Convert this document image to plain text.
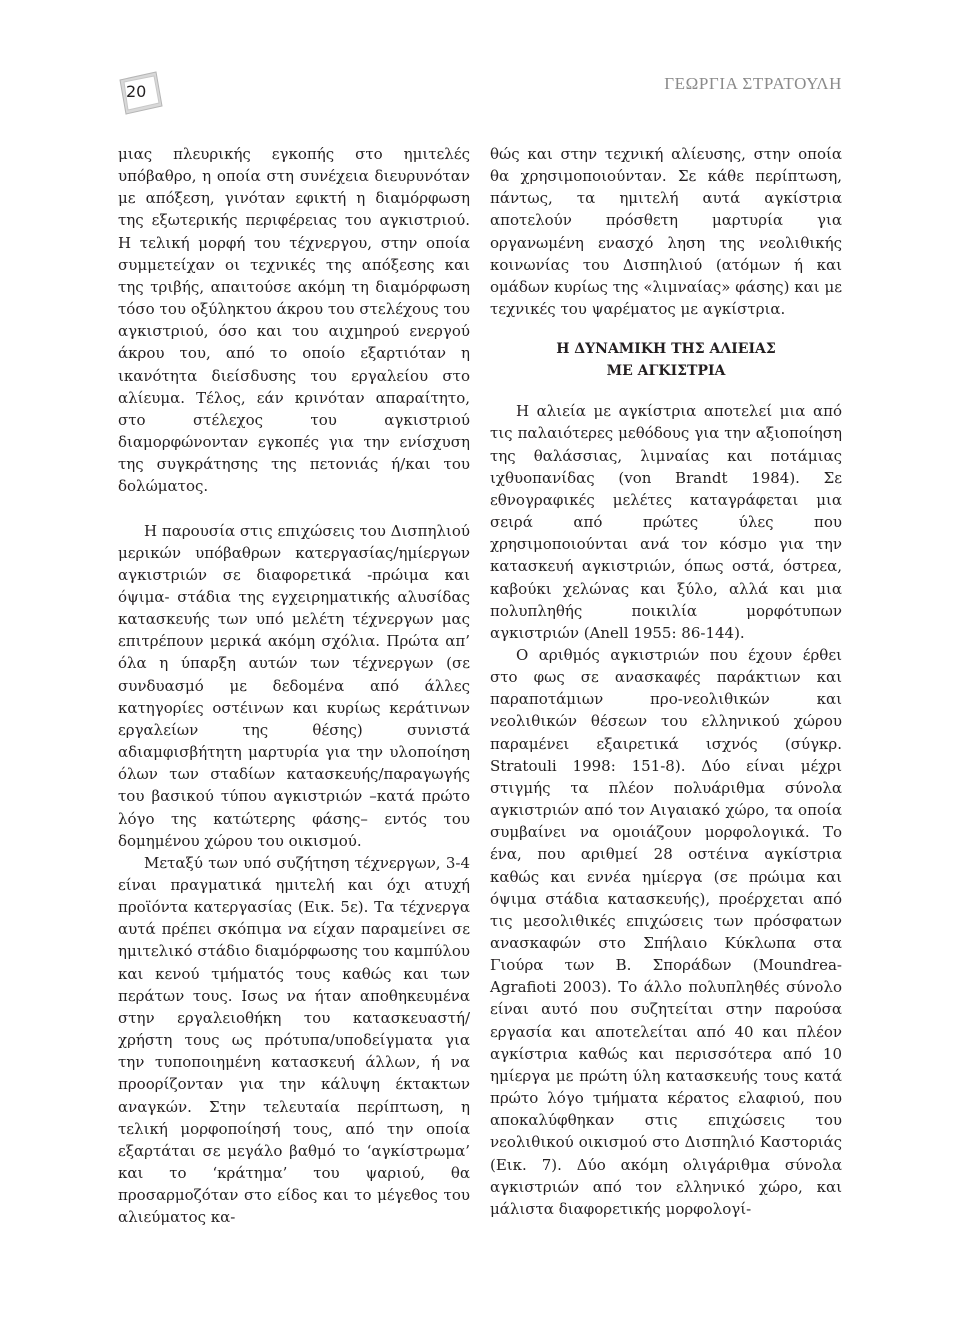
20	ΓΕΩΡΓΙΑ ΣΤΡΑΤΟΥΛΗ

μιας πλευρικής εγκοπής στο ημιτελές υπόβαθρο, η οποία στη συνέχεια διευρυνόταν με απόξεση, γινόταν εφικτή η διαμόρφωση της εξωτερικής περιφέρειας του αγκιστριού. Η τελική μορφή του τέχνεργου, στην οποία συμμετείχαν οι τεχνικές της απόξεσης και της τριβής, απαιτούσε ακόμη τη διαμόρφωση τόσο του οξύληκτου άκρου του στελέχους του αγκιστριού, όσο και του αιχμηρού ενεργού άκρου του, από το οποίο εξαρτιόταν η ικανότητα διείσδυσης του εργαλείου στο αλίευμα. Τέλος, εάν κρινόταν απαραίτητο, στο στέλεχος του αγκιστριού διαμορφώνονταν εγκοπές για την ενίσχυση της συγκράτησης της πετονιάς ή/και του δολώματος.

Η παρουσία στις επιχώσεις του Δισπηλιού μερικών υπόβαθρων κατεργασίας/ημίεργων αγκιστριών σε διαφορετικά -πρώιμα και όψιμα- στάδια της εγχειρηματικής αλυσίδας κατασκευής των υπό μελέτη τέχνεργων μας επιτρέπουν μερικά ακόμη σχόλια. Πρώτα απ’ όλα η ύπαρξη αυτών των τέχνεργων (σε συνδυασμό με δεδομένα από άλλες κατηγορίες οστέινων και κυρίως κεράτινων εργαλείων της θέσης) συνιστά αδιαμφισβήτητη μαρτυρία για την υλοποίηση όλων των σταδίων κατασκευής/παραγωγής του βασικού τύπου αγκιστριών –κατά πρώτο λόγο της κατώτερης φάσης– εντός του δομημένου χώρου του οικισμού.

Μεταξύ των υπό συζήτηση τέχνεργων, 3-4 είναι πραγματικά ημιτελή και όχι ατυχή προϊόντα κατεργασίας (Εικ. 5ε). Τα τέχνεργα αυτά πρέπει σκόπιμα να είχαν παραμείνει σε ημιτελικό στάδιο διαμόρφωσης του καμπύλου και κενού τμήματός τους καθώς και των περάτων τους. Ισως να ήταν αποθηκευμένα στην εργαλειοθήκη του κατασκευαστή/χρήστη τους ως πρότυπα/υποδείγματα για την τυποποιημένη κατασκευή άλλων, ή να προορίζονταν για την κάλυψη έκτακτων αναγκών. Στην τελευταία περίπτωση, η τελική μορφοποίησή τους, από την οποία εξαρτάται σε μεγάλο βαθμό το ‘αγκίστρωμα’ και το ‘κράτημα’ του ψαριού, θα προσαρμοζόταν στο είδος και το μέγεθος του αλιεύματος κα-

θώς και στην τεχνική αλίευσης, στην οποία θα χρησιμοποιούνταν. Σε κάθε περίπτωση, πάντως, τα ημιτελή αυτά αγκίστρια αποτελούν πρόσθετη μαρτυρία για οργανωμένη ενασχό ληση της νεολιθικής κοινωνίας του Δισπηλιού (ατόμων ή και ομάδων κυρίως της «λιμναίας» φάσης) και με τεχνικές του ψαρέματος με αγκίστρια.

Η ΔΥΝΑΜΙΚΗ ΤΗΣ ΑΛΙΕΙΑΣ
ΜΕ ΑΓΚΙΣΤΡΙΑ

Η αλιεία με αγκίστρια αποτελεί μια από τις παλαιότερες μεθόδους για την αξιοποίηση της θαλάσσιας, λιμναίας και ποτάμιας ιχθυοπανίδας (von Brandt 1984). Σε εθνογραφικές μελέτες καταγράφεται μια σειρά από πρώτες ύλες που χρησιμοποιούνται ανά τον κόσμο για την κατασκευή αγκιστριών, όπως οστά, όστρεα, καβούκι χελώνας και ξύλο, αλλά και μια πολυπληθής ποικιλία μορφότυπων αγκιστριών (Anell 1955: 86-144).

Ο αριθμός αγκιστριών που έχουν έρθει στο φως σε ανασκαφές παράκτιων και παραποτάμιων προ-νεολιθικών και νεολιθικών θέσεων του ελληνικού χώρου παραμένει εξαιρετικά ισχνός (σύγκρ. Stratouli 1998: 151-8). Δύο είναι μέχρι στιγμής τα πλέον πολυάριθμα σύνολα αγκιστριών από τον Αιγαιακό χώρο, τα οποία συμβαίνει να ομοιάζουν μορφολογικά. Το ένα, που αριθμεί 28 οστέινα αγκίστρια καθώς και εννέα ημίεργα (σε πρώιμα και όψιμα στάδια κατασκευής), προέρχεται από τις μεσολιθικές επιχώσεις των πρόσφατων ανασκαφών στο Σπήλαιο Κύκλωπα στα Γιούρα των Β. Σποράδων (Moundrea-Agrafioti 2003). Το άλλο πολυπληθές σύνολο είναι αυτό που συζητείται στην παρούσα εργασία και αποτελείται από 40 και πλέον αγκίστρια καθώς και περισσότερα από 10 ημίεργα με πρώτη ύλη κατασκευής τους κατά πρώτο λόγο τμήματα κέρατος ελαφιού, που αποκαλύφθηκαν στις επιχώσεις του νεολιθικού οικισμού στο Δισπηλιό Καστοριάς (Εικ. 7). Δύο ακόμη ολιγάριθμα σύνολα αγκιστριών από τον ελληνικό χώρο, και μάλιστα διαφορετικής μορφολογί-
